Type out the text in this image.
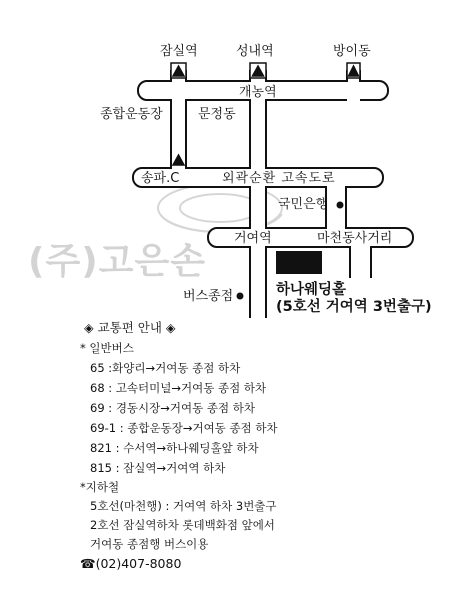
(주)고은손
잠실역	성내역	방이동
개농역
종합운동장	문정동
송파.C	외곽순환 고속도로
국민은행
거여역	마천동사거리
버스종점	하나웨딩홀
(5호선 거여역 3번출구)
◈ 교통편 안내 ◈
* 일반버스
65 :화양리→거여동 종점 하차
68 : 고속터미널→거여동 종점 하차
69 : 경동시장→거여동 종점 하차
69-1 : 종합운동장→거여동 종점 하차
821 : 수서역→하나웨딩홀앞 하차
815 : 잠실역→거여역 하차
*지하철
5호선(마천행) : 거여역 하차 3번출구
2호선 잠실역하차 롯데백화점 앞에서
거여동 종점행 버스이용
☎(02)407-8080
